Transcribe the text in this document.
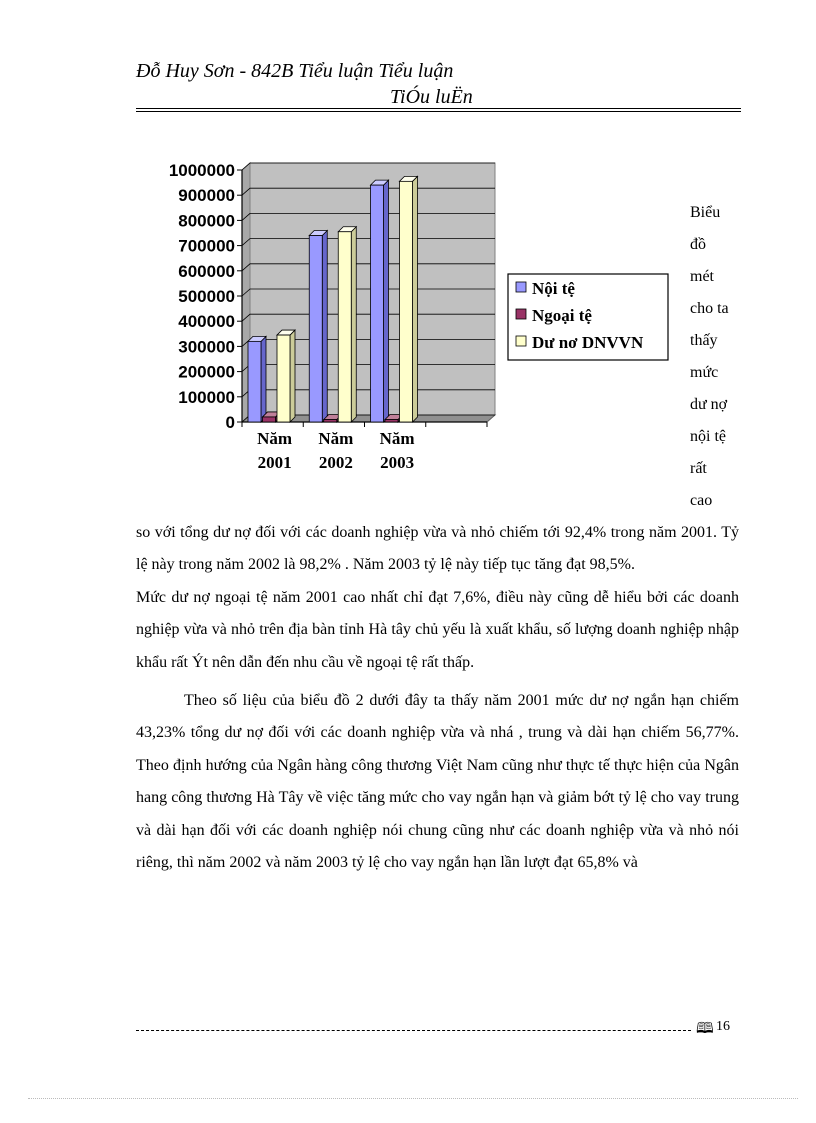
Đỗ Huy Sơn - 842B Tiểu luận Tiểu luận
TiÓu luËn
0
100000
200000
300000
400000
500000
600000
700000
800000
900000
1000000
Năm
2001
Năm
2002
Năm
2003
Nội tệ
Ngoại tệ
Dư nơ DNVVN
Biểu
đồ
mét
cho ta
thấy
mức
dư nợ
nội tệ
rất
cao

so với tổng dư nợ đối với các doanh nghiệp vừa và nhỏ chiếm tới 92,4% trong năm 2001. Tỷ lệ này trong năm 2002 là 98,2% . Năm 2003 tỷ lệ này tiếp tục tăng đạt 98,5%.

Mức dư nợ ngoại tệ năm 2001 cao nhất chỉ đạt 7,6%, điều này cũng dễ hiểu bởi các doanh nghiệp vừa và nhỏ trên địa bàn tỉnh Hà tây chủ yếu là xuất khẩu, số lượng doanh nghiệp nhập khẩu rất Ýt nên dẫn đến nhu cầu về ngoại tệ rất thấp.

Theo số liệu của biểu đồ 2 dưới đây ta thấy năm 2001 mức dư nợ ngắn hạn chiếm 43,23% tổng dư nợ đối với các doanh nghiệp vừa và nhá , trung và dài hạn chiếm 56,77%. Theo định hướng của Ngân hàng công thương Việt Nam cũng như thực tế thực hiện của Ngân hang công thương Hà Tây về việc tăng mức cho vay ngắn hạn và giảm bớt tỷ lệ cho vay trung và dài hạn đối với các doanh nghiệp nói chung cũng như các doanh nghiệp vừa và nhỏ nói riêng, thì năm 2002 và năm 2003 tỷ lệ cho vay ngắn hạn lần lượt đạt 65,8% và

🕮 16
